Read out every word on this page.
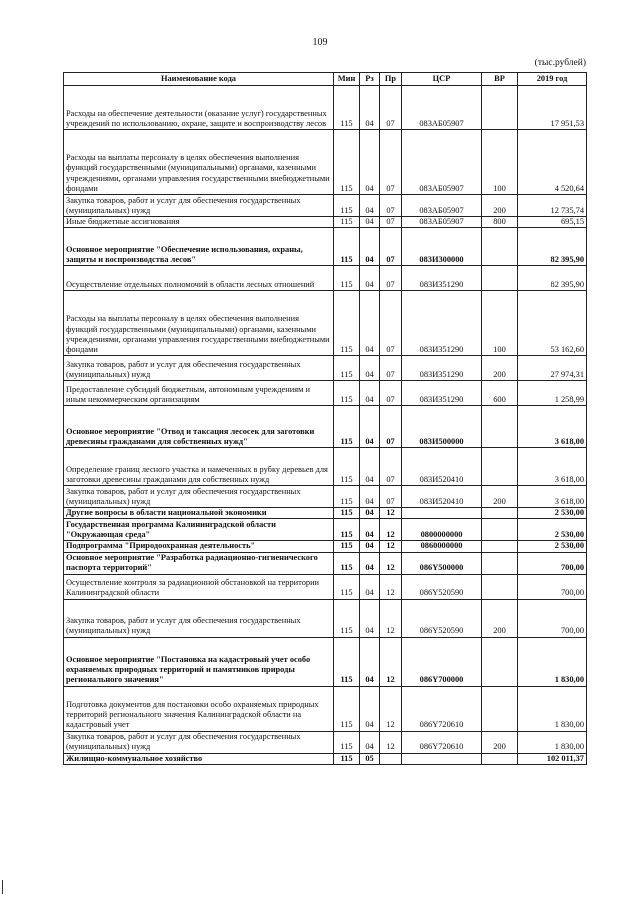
109
(тыс.рублей)
Наименование кода	Мин	Рз	Пр	ЦСР	ВР	2019 год
Расходы на обеспечение деятельности (оказание услуг) государственных учреждений по использованию, охране, защите и воспроизводству лесов	115	04	07	083АБ05907		17 951,53
Расходы на выплаты персоналу в целях обеспечения выполнения функций государственными (муниципальными) органами, казенными учреждениями, органами управления государственными внебюджетными фондами	115	04	07	083АБ05907	100	4 520,64
Закупка товаров, работ и услуг для обеспечения государственных (муниципальных) нужд	115	04	07	083АБ05907	200	12 735,74
Иные бюджетные ассигнования	115	04	07	083АБ05907	800	695,15
Основное мероприятие "Обеспечение использования, охраны, защиты и воспроизводства лесов"	115	04	07	083И300000		82 395,90
Осуществление отдельных полномочий в области лесных отношений	115	04	07	083И351290		82 395,90
Расходы на выплаты персоналу в целях обеспечения выполнения функций государственными (муниципальными) органами, казенными учреждениями, органами управления государственными внебюджетными фондами	115	04	07	083И351290	100	53 162,60
Закупка товаров, работ и услуг для обеспечения государственных (муниципальных) нужд	115	04	07	083И351290	200	27 974,31
Предоставление субсидий бюджетным, автономным учреждениям и иным некоммерческим организациям	115	04	07	083И351290	600	1 258,99
Основное мероприятие "Отвод и таксация лесосек для заготовки древесины гражданами для собственных нужд"	115	04	07	083И500000		3 618,00
Определение границ лесного участка и намеченных в рубку деревьев для заготовки древесины гражданами для собственных нужд	115	04	07	083И520410		3 618,00
Закупка товаров, работ и услуг для обеспечения государственных (муниципальных) нужд	115	04	07	083И520410	200	3 618,00
Другие вопросы в области национальной экономики	115	04	12			2 530,00
Государственная программа Калининградской области "Окружающая среда"	115	04	12	0800000000		2 530,00
Подпрограмма "Природоохранная деятельность"	115	04	12	0860000000		2 530,00
Основное мероприятие "Разработка радиационно-гигиенического паспорта территорий"	115	04	12	086Y500000		700,00
Осуществление контроля за радиационной обстановкой на территории Калининградской области	115	04	12	086Y520590		700,00
Закупка товаров, работ и услуг для обеспечения государственных (муниципальных) нужд	115	04	12	086Y520590	200	700,00
Основное мероприятие "Постановка на кадастровый учет особо охраняемых природных территорий и памятников природы регионального значения"	115	04	12	086Y700000		1 830,00
Подготовка документов для постановки особо охраняемых природных территорий регионального значения Калининградской области на кадастровый учет	115	04	12	086Y720610		1 830,00
Закупка товаров, работ и услуг для обеспечения государственных (муниципальных) нужд	115	04	12	086Y720610	200	1 830,00
Жилищно-коммунальное хозяйство	115	05				102 011,37
